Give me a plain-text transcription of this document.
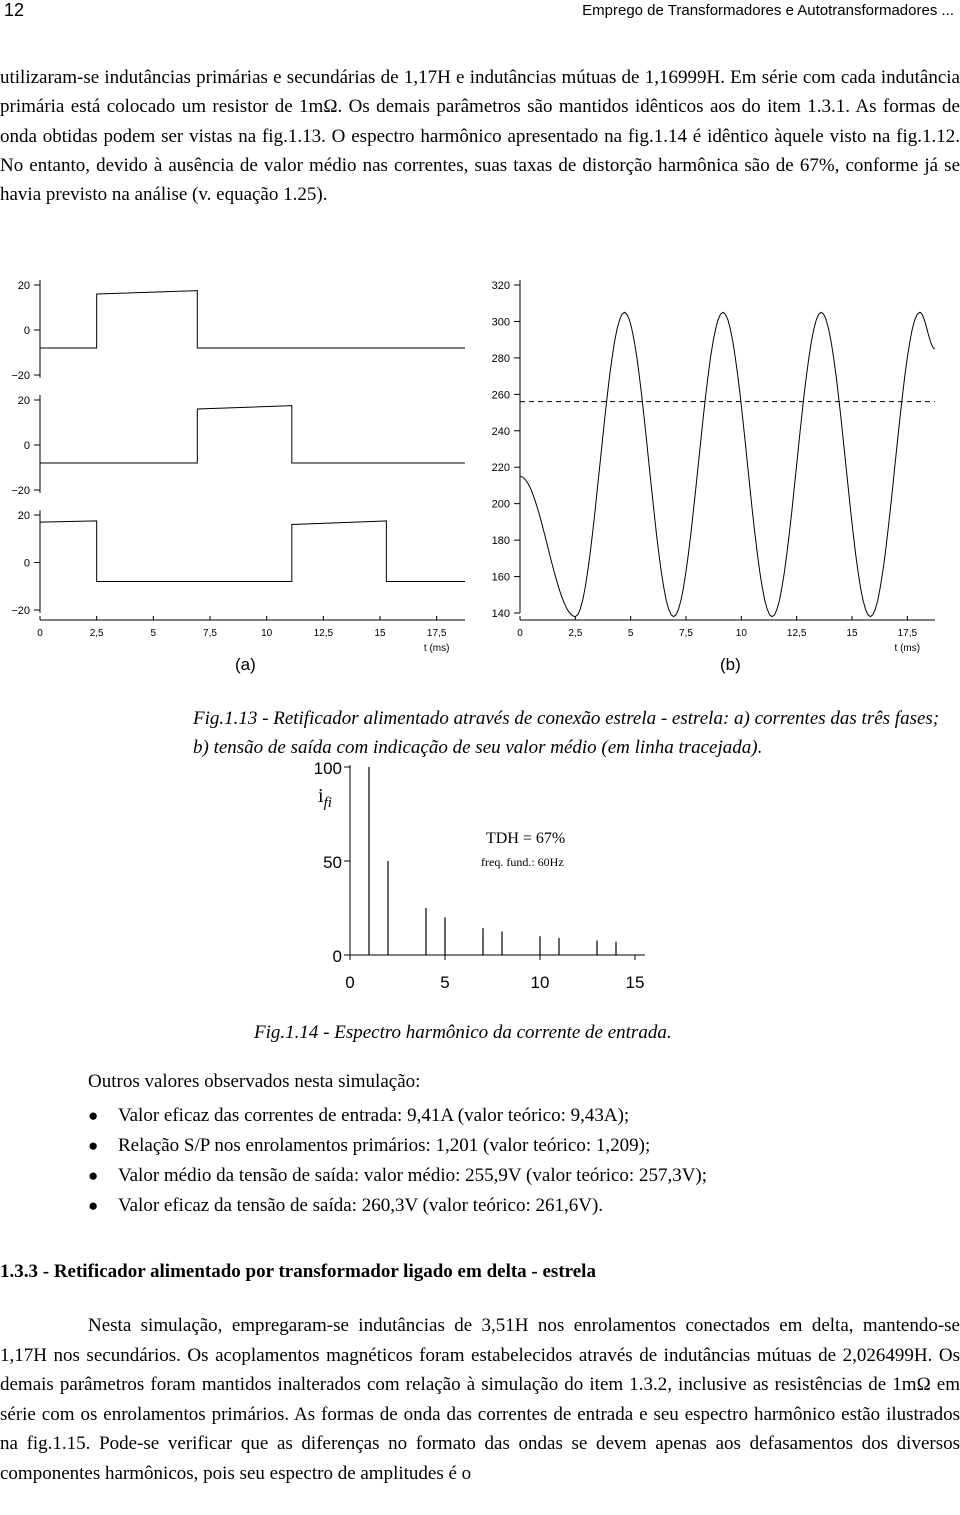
12	Emprego de Transformadores e Autotransformadores ...
utilizaram-se indutâncias primárias e secundárias de 1,17H e indutâncias mútuas de 1,16999H. Em série com cada indutância primária está colocado um resistor de 1mΩ. Os demais parâmetros são mantidos idênticos aos do item 1.3.1. As formas de onda obtidas podem ser vistas na fig.1.13. O espectro harmônico apresentado na fig.1.14 é idêntico àquele visto na fig.1.12. No entanto, devido à ausência de valor médio nas correntes, suas taxas de distorção harmônica são de 67%, conforme já se havia previsto na análise (v. equação 1.25).
20
0
−20
20
0
−20
20
0
−20
0	2,5	5	7,5	10	12,5	15	17,5
t (ms)
320
300
280
260
240
220
200
180
160
140
0	2,5	5	7,5	10	12,5	15	17,5
t (ms)
(a)	(b)
Fig.1.13 - Retificador alimentado através de conexão estrela - estrela: a) correntes das três fases; b) tensão de saída com indicação de seu valor médio (em linha tracejada).
100
50
0
0	5	10	15
$i_{fi}$
TDH = 67%
freq. fund.: 60Hz
Fig.1.14 - Espectro harmônico da corrente de entrada.
Outros valores observados nesta simulação:
● Valor eficaz das correntes de entrada: 9,41A (valor teórico: 9,43A);
● Relação S/P nos enrolamentos primários: 1,201 (valor teórico: 1,209);
● Valor médio da tensão de saída: valor médio: 255,9V (valor teórico: 257,3V);
● Valor eficaz da tensão de saída: 260,3V (valor teórico: 261,6V).
1.3.3 - Retificador alimentado por transformador ligado em delta - estrela
Nesta simulação, empregaram-se indutâncias de 3,51H nos enrolamentos conectados em delta, mantendo-se 1,17H nos secundários. Os acoplamentos magnéticos foram estabelecidos através de indutâncias mútuas de 2,026499H. Os demais parâmetros foram mantidos inalterados com relação à simulação do item 1.3.2, inclusive as resistências de 1mΩ em série com os enrolamentos primários. As formas de onda das correntes de entrada e seu espectro harmônico estão ilustrados na fig.1.15. Pode-se verificar que as diferenças no formato das ondas se devem apenas aos defasamentos dos diversos componentes harmônicos, pois seu espectro de amplitudes é o
